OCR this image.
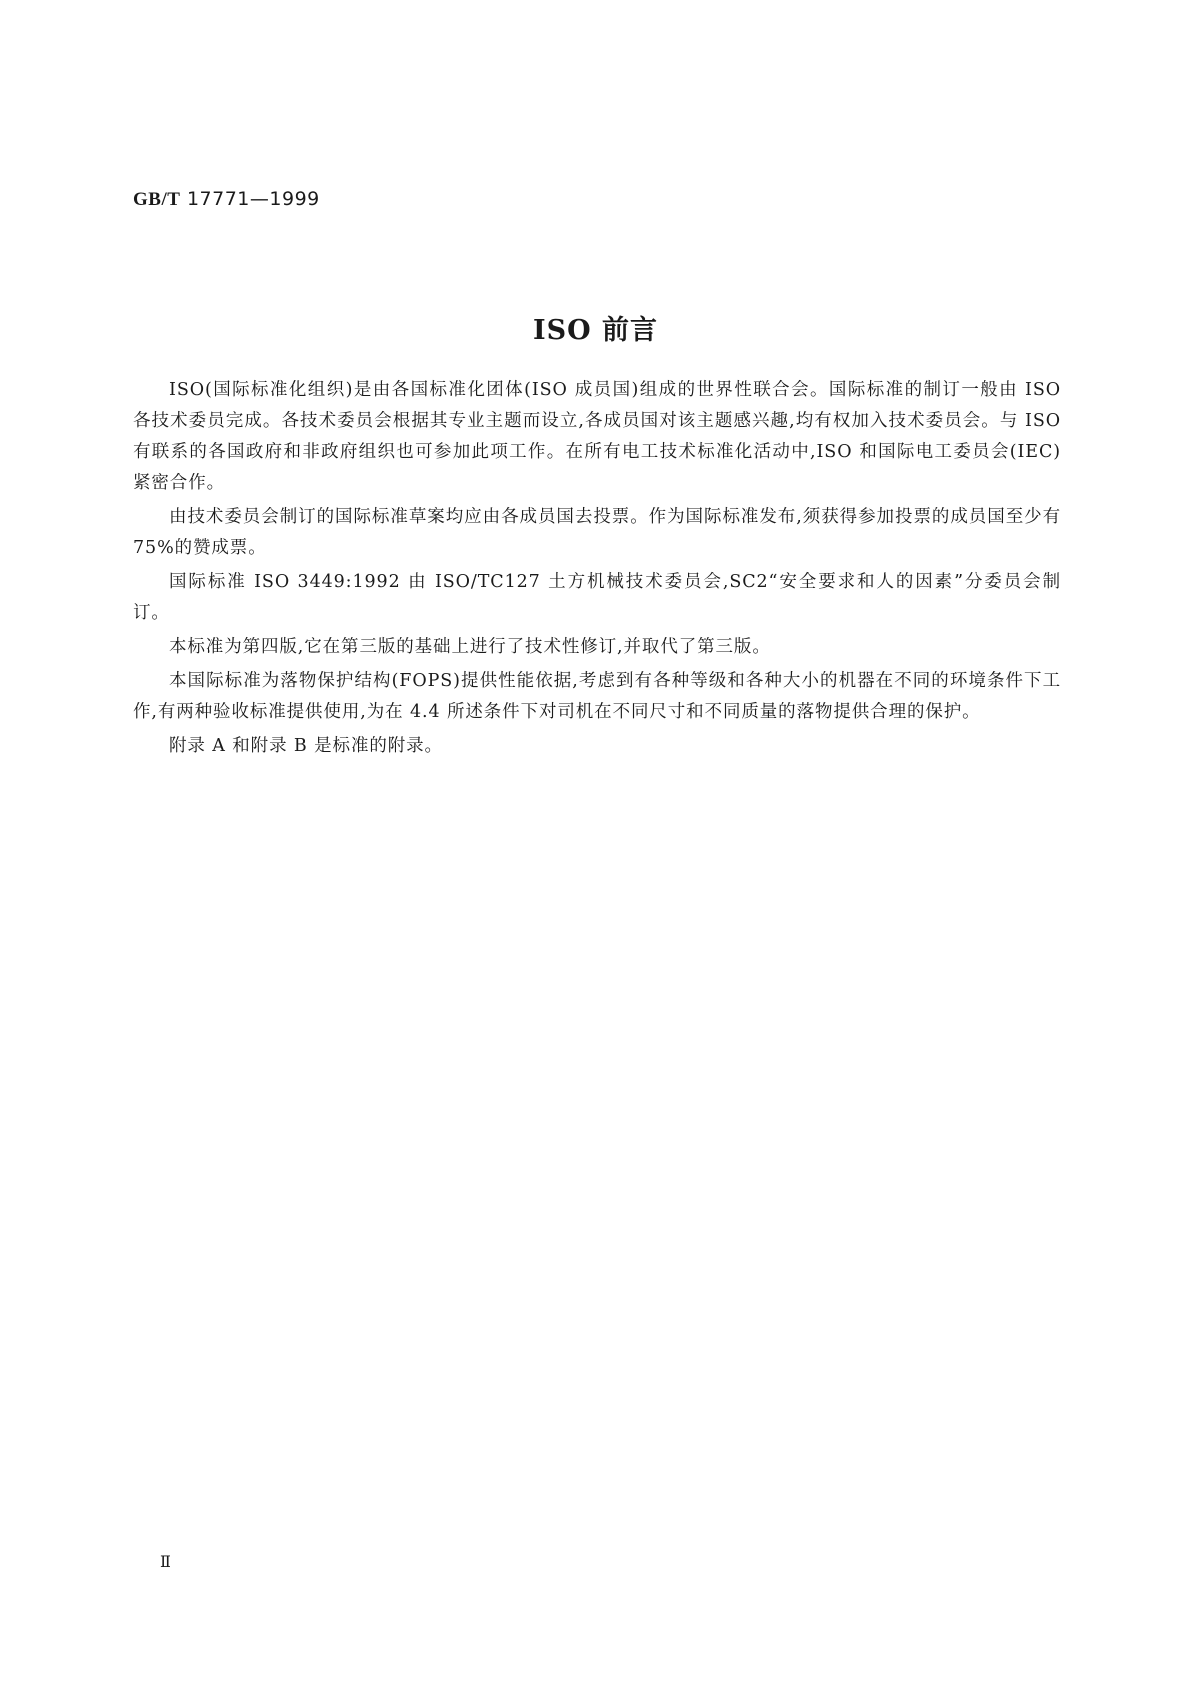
GB/T 17771—1999
ISO 前言

ISO(国际标准化组织)是由各国标准化团体(ISO 成员国)组成的世界性联合会。国际标准的制订一般由 ISO 各技术委员完成。各技术委员会根据其专业主题而设立,各成员国对该主题感兴趣,均有权加入技术委员会。与 ISO 有联系的各国政府和非政府组织也可参加此项工作。在所有电工技术标准化活动中,ISO 和国际电工委员会(IEC)紧密合作。

由技术委员会制订的国际标准草案均应由各成员国去投票。作为国际标准发布,须获得参加投票的成员国至少有 75%的赞成票。

国际标准 ISO 3449:1992 由 ISO/TC127 土方机械技术委员会,SC2“安全要求和人的因素”分委员会制订。

本标准为第四版,它在第三版的基础上进行了技术性修订,并取代了第三版。

本国际标准为落物保护结构(FOPS)提供性能依据,考虑到有各种等级和各种大小的机器在不同的环境条件下工作,有两种验收标准提供使用,为在 4.4 所述条件下对司机在不同尺寸和不同质量的落物提供合理的保护。

附录 A 和附录 B 是标准的附录。

Ⅱ
